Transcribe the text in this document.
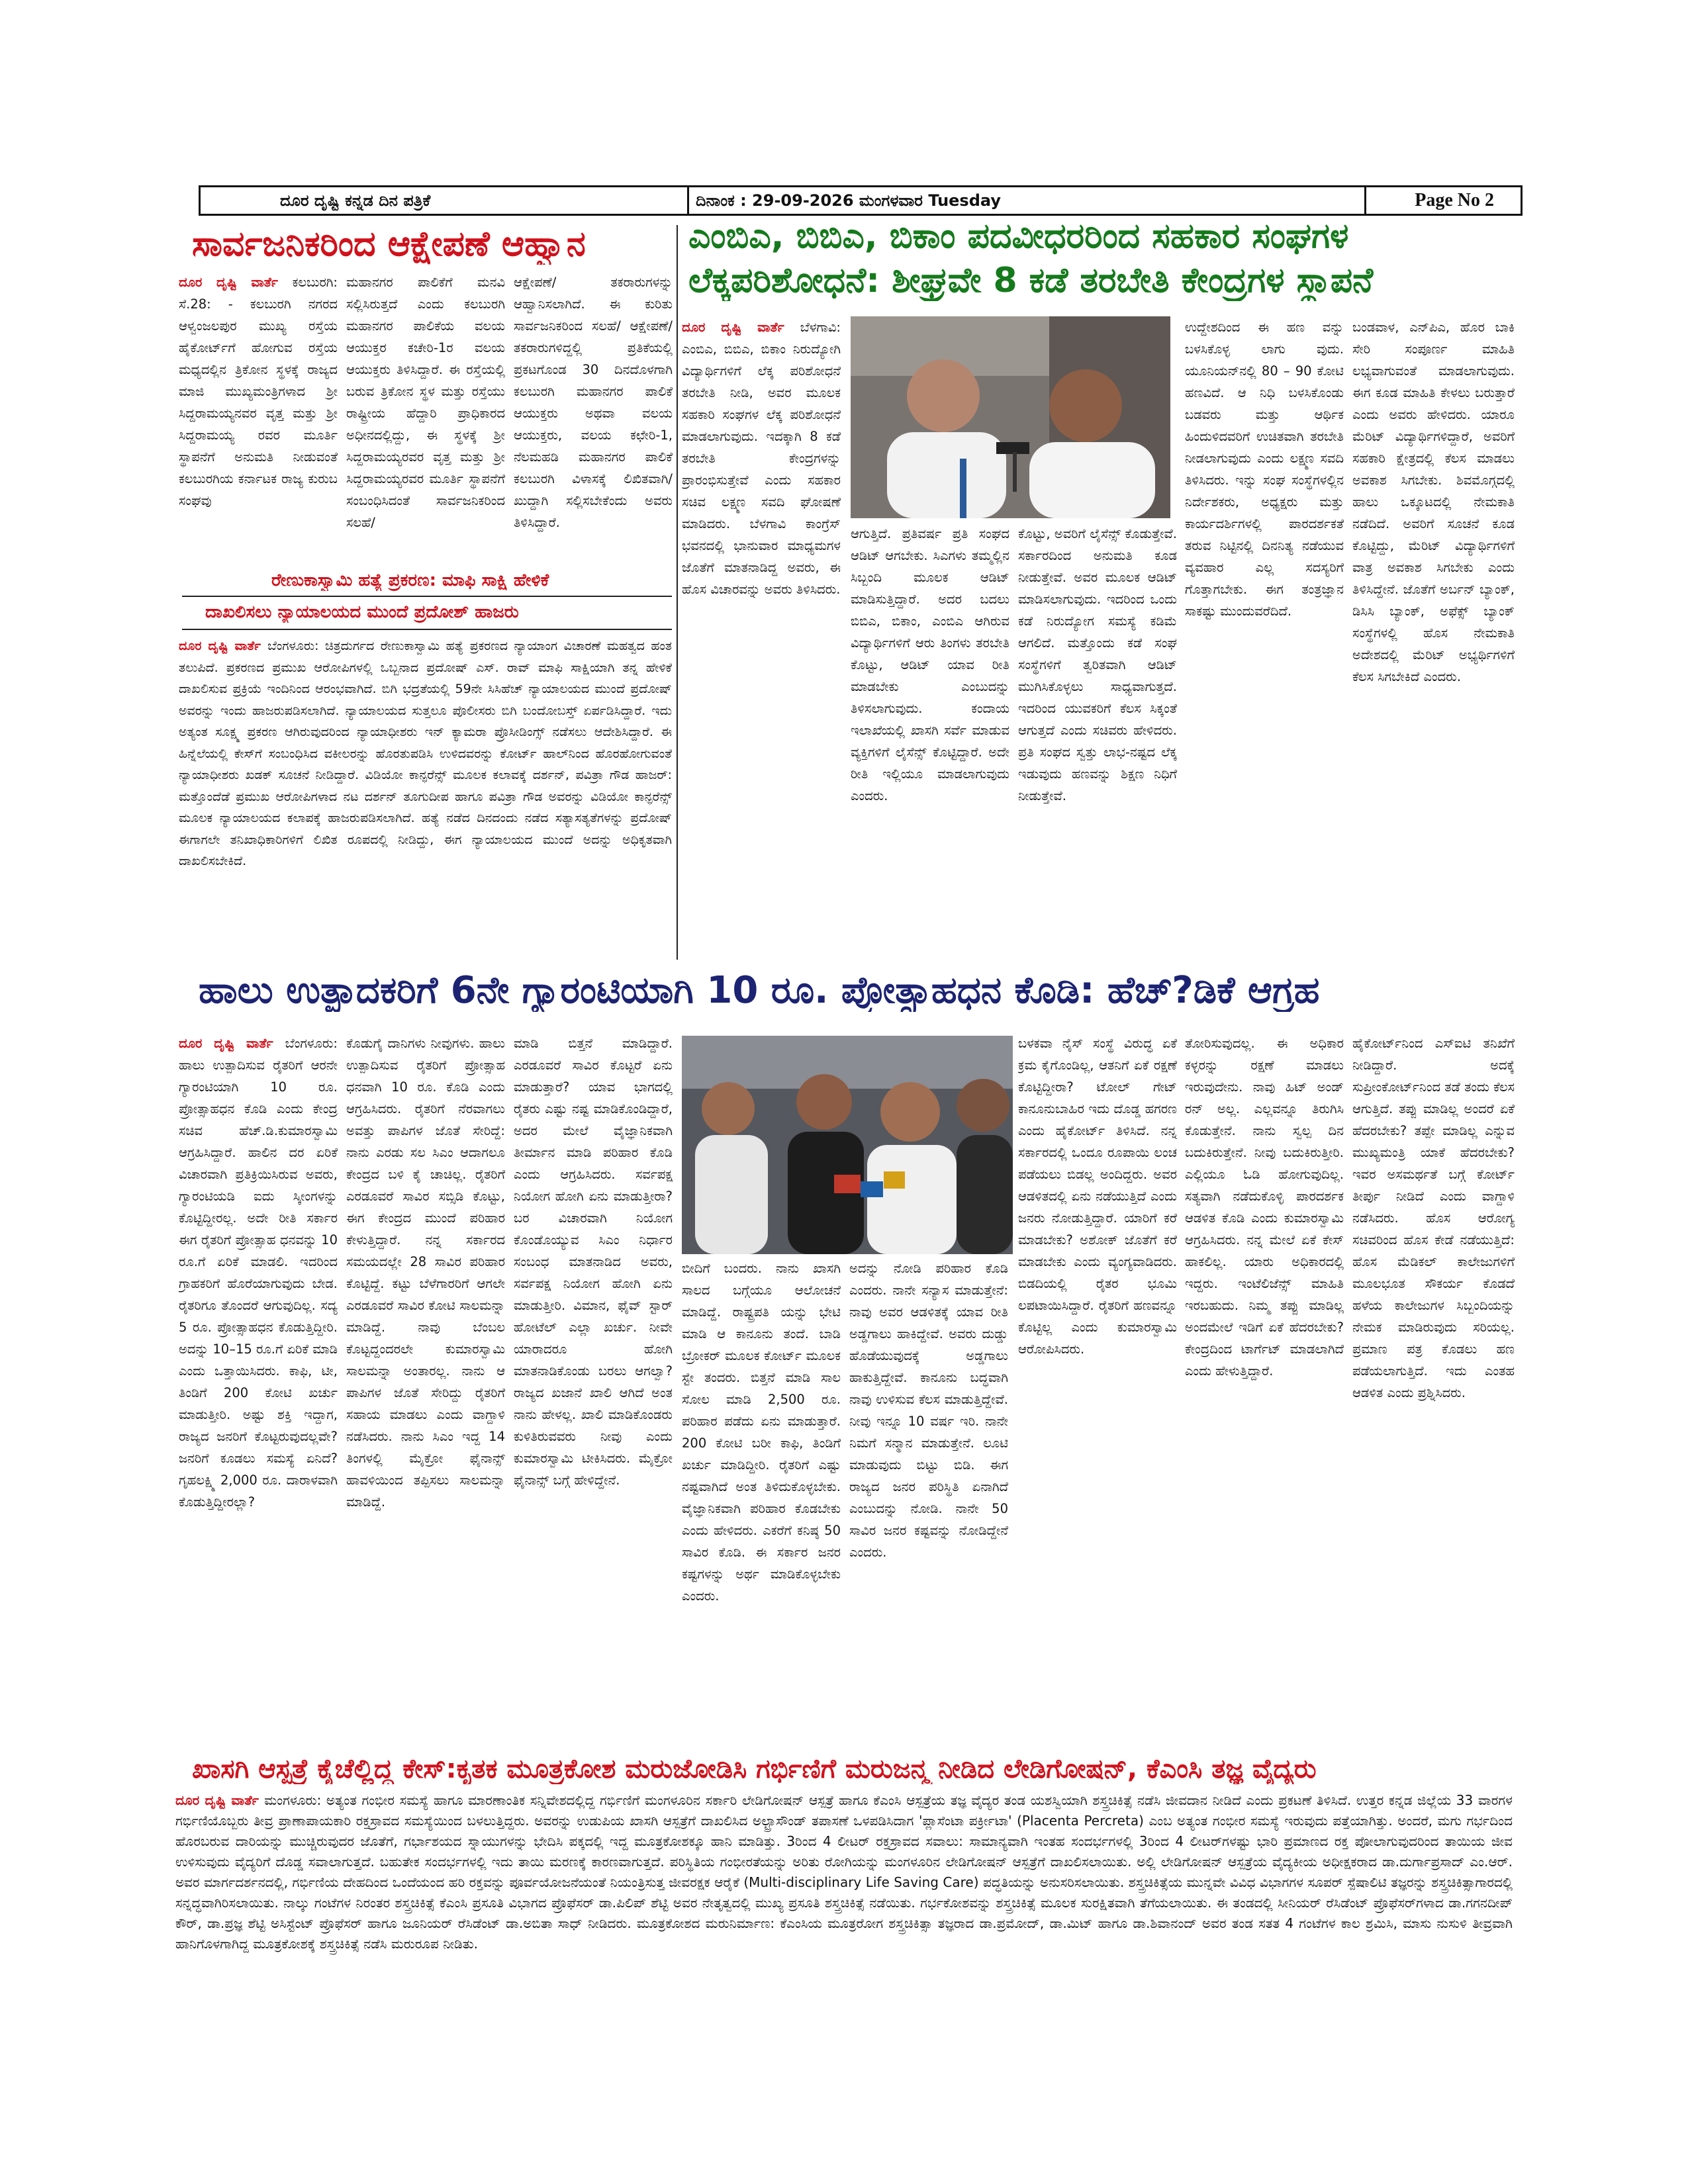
ದೂರ ದೃಷ್ಟಿ ಕನ್ನಡ ದಿನ ಪತ್ರಿಕೆ	ದಿನಾಂಕ : 29-09-2026 ಮಂಗಳವಾರ Tuesday	Page No 2
ಸಾರ್ವಜನಿಕರಿಂದ ಆಕ್ಷೇಪಣೆ ಆಹ್ವಾನ
ದೂರ ದೃಷ್ಟಿ ವಾರ್ತೆ ಕಲಬುರಗಿ: ಸೆ.28: - ಕಲಬುರಗಿ ನಗರದ ಆಳ್ವಂಜಲಪುರ ಮುಖ್ಯ ರಸ್ತೆಯ ಹೈಕೋರ್ಟ್‌ಗೆ ಹೋಗುವ ರಸ್ತೆಯ ಮಧ್ಯದಲ್ಲಿನ ತ್ರಿಕೋನ ಸ್ಥಳಕ್ಕೆ ರಾಜ್ಯದ ಮಾಜಿ ಮುಖ್ಯಮಂತ್ರಿಗಳಾದ ಶ್ರೀ ಸಿದ್ದರಾಮಯ್ಯನವರ ವೃತ್ತ ಮತ್ತು ಶ್ರೀ ಸಿದ್ದರಾಮಯ್ಯ ರವರ ಮೂರ್ತಿ ಸ್ಥಾಪನೆಗೆ ಅನುಮತಿ ನೀಡುವಂತೆ ಕಲಬುರಗಿಯ ಕರ್ನಾಟಕ ರಾಜ್ಯ ಕುರುಬ ಸಂಘವು
ಮಹಾನಗರ ಪಾಲಿಕೆಗೆ ಮನವಿ ಸಲ್ಲಿಸಿರುತ್ತದೆ ಎಂದು ಕಲಬುರಗಿ ಮಹಾನಗರ ಪಾಲಿಕೆಯ ವಲಯ ಆಯುಕ್ತರ ಕಚೇರಿ-1ರ ವಲಯ ಆಯುಕ್ತರು ತಿಳಿಸಿದ್ದಾರೆ. ಈ ರಸ್ತೆಯಲ್ಲಿ ಬರುವ ತ್ರಿಕೋನ ಸ್ಥಳ ಮತ್ತು ರಸ್ತೆಯು ರಾಷ್ಟ್ರೀಯ ಹೆದ್ದಾರಿ ಪ್ರಾಧಿಕಾರದ ಅಧೀನದಲ್ಲಿದ್ದು, ಈ ಸ್ಥಳಕ್ಕೆ ಶ್ರೀ ಸಿದ್ದರಾಮಯ್ಯರವರ ವೃತ್ತ ಮತ್ತು ಶ್ರೀ ಸಿದ್ದರಾಮಯ್ಯರವರ ಮೂರ್ತಿ ಸ್ಥಾಪನೆಗೆ ಸಂಬಂಧಿಸಿದಂತೆ ಸಾರ್ವಜನಿಕರಿಂದ ಸಲಹೆ/
ಆಕ್ಷೇಪಣೆ/ ತಕರಾರುಗಳನ್ನು ಆಹ್ವಾನಿಸಲಾಗಿದೆ. ಈ ಕುರಿತು ಸಾರ್ವಜನಿಕರಿಂದ ಸಲಹೆ/ ಆಕ್ಷೇಪಣೆ/ ತಕರಾರುಗಳಿದ್ದಲ್ಲಿ ಪ್ರತಿಕೆಯಲ್ಲಿ ಪ್ರಕಟಗೊಂಡ 30 ದಿನದೊಳಗಾಗಿ ಕಲಬುರಗಿ ಮಹಾನಗರ ಪಾಲಿಕೆ ಆಯುಕ್ತರು ಅಥವಾ ವಲಯ ಆಯುಕ್ತರು, ವಲಯ ಕಛೇರಿ-1, ನೆಲಮಹಡಿ ಮಹಾನಗರ ಪಾಲಿಕೆ ಕಲಬುರಗಿ ವಿಳಾಸಕ್ಕೆ ಲಿಖಿತವಾಗಿ/ಖುದ್ದಾಗಿ ಸಲ್ಲಿಸಬೇಕೆಂದು ಅವರು ತಿಳಿಸಿದ್ದಾರೆ.
ರೇಣುಕಾಸ್ವಾಮಿ ಹತ್ಯೆ ಪ್ರಕರಣ: ಮಾಫಿ ಸಾಕ್ಷಿ ಹೇಳಿಕೆ
ದಾಖಲಿಸಲು ನ್ಯಾಯಾಲಯದ ಮುಂದೆ ಪ್ರದೋಶ್ ಹಾಜರು
ದೂರ ದೃಷ್ಟಿ ವಾರ್ತೆ ಬೆಂಗಳೂರು: ಚಿತ್ರದುರ್ಗದ ರೇಣುಕಾಸ್ವಾಮಿ ಹತ್ಯೆ ಪ್ರಕರಣದ ನ್ಯಾಯಾಂಗ ವಿಚಾರಣೆ ಮಹತ್ವದ ಹಂತ ತಲುಪಿದೆ. ಪ್ರಕರಣದ ಪ್ರಮುಖ ಆರೋಪಿಗಳಲ್ಲಿ ಒಬ್ಬನಾದ ಪ್ರದೋಷ್ ಎಸ್. ರಾವ್ ಮಾಫಿ ಸಾಕ್ಷಿಯಾಗಿ ತನ್ನ ಹೇಳಿಕೆ ದಾಖಲಿಸುವ ಪ್ರಕ್ರಿಯೆ ಇಂದಿನಿಂದ ಆರಂಭವಾಗಿದೆ. ಬಿಗಿ ಭದ್ರತೆಯಲ್ಲಿ 59ನೇ ಸಿಸಿಹೆಚ್ ನ್ಯಾಯಾಲಯದ ಮುಂದೆ ಪ್ರದೋಷ್ ಅವರನ್ನು ಇಂದು ಹಾಜರುಪಡಿಸಲಾಗಿದೆ. ನ್ಯಾಯಾಲಯದ ಸುತ್ತಲೂ ಪೊಲೀಸರು ಬಿಗಿ ಬಂದೋಬಸ್ತ್ ಏರ್ಪಡಿಸಿದ್ದಾರೆ. ಇದು ಅತ್ಯಂತ ಸೂಕ್ಷ್ಮ ಪ್ರಕರಣ ಆಗಿರುವುದರಿಂದ ನ್ಯಾಯಾಧೀಶರು ಇನ್ ಕ್ಯಾಮರಾ ಪ್ರೊಸೀಡಿಂಗ್ಸ್ ನಡೆಸಲು ಆದೇಶಿಸಿದ್ದಾರೆ. ಈ ಹಿನ್ನೆಲೆಯಲ್ಲಿ ಕೇಸ್‌ಗೆ ಸಂಬಂಧಿಸಿದ ವಕೀಲರನ್ನು ಹೊರತುಪಡಿಸಿ ಉಳಿದವರನ್ನು ಕೋರ್ಟ್ ಹಾಲ್‌ನಿಂದ ಹೊರಹೋಗುವಂತೆ ನ್ಯಾಯಾಧೀಶರು ಖಡಕ್ ಸೂಚನೆ ನೀಡಿದ್ದಾರೆ. ವಿಡಿಯೋ ಕಾನ್ಫರೆನ್ಸ್ ಮೂಲಕ ಕಲಾವಕ್ಕೆ ದರ್ಶನ್, ಪವಿತ್ರಾ ಗೌಡ ಹಾಜರ್: ಮತ್ತೊಂದೆಡೆ ಪ್ರಮುಖ ಆರೋಪಿಗಳಾದ ನಟ ದರ್ಶನ್ ತೂಗುದೀಪ ಹಾಗೂ ಪವಿತ್ರಾ ಗೌಡ ಅವರನ್ನು ವಿಡಿಯೋ ಕಾನ್ಫರೆನ್ಸ್ ಮೂಲಕ ನ್ಯಾಯಾಲಯದ ಕಲಾಪಕ್ಕೆ ಹಾಜರುಪಡಿಸಲಾಗಿದೆ. ಹತ್ಯೆ ನಡೆದ ದಿನದಂದು ನಡೆದ ಸತ್ಯಾಸತ್ಯತೆಗಳನ್ನು ಪ್ರದೋಷ್ ಈಗಾಗಲೇ ತನಿಖಾಧಿಕಾರಿಗಳಿಗೆ ಲಿಖಿತ ರೂಪದಲ್ಲಿ ನೀಡಿದ್ದು, ಈಗ ನ್ಯಾಯಾಲಯದ ಮುಂದೆ ಅದನ್ನು ಅಧಿಕೃತವಾಗಿ ದಾಖಲಿಸಬೇಕಿದೆ.
ಎಂಬಿಎ, ಬಿಬಿಎ, ಬಿಕಾಂ ಪದವೀಧರರಿಂದ ಸಹಕಾರ ಸಂಘಗಳ
ಲೆಕ್ಕಪರಿಶೋಧನೆ: ಶೀಘ್ರವೇ 8 ಕಡೆ ತರಬೇತಿ ಕೇಂದ್ರಗಳ ಸ್ಥಾಪನೆ
ದೂರ ದೃಷ್ಟಿ ವಾರ್ತೆ ಬೆಳಗಾವಿ: ಎಂಬಿಎ, ಬಿಬಿಎ, ಬಿಕಾಂ ನಿರುದ್ಯೋಗಿ ವಿದ್ಯಾರ್ಥಿಗಳಿಗೆ ಲೆಕ್ಕ ಪರಿಶೋಧನೆ ತರಬೇತಿ ನೀಡಿ, ಅವರ ಮೂಲಕ ಸಹಕಾರಿ ಸಂಘಗಳ ಲೆಕ್ಕ ಪರಿಶೋಧನೆ ಮಾಡಲಾಗುವುದು. ಇದಕ್ಕಾಗಿ 8 ಕಡೆ ತರಬೇತಿ ಕೇಂದ್ರಗಳನ್ನು ಪ್ರಾರಂಭಿಸುತ್ತೇವೆ ಎಂದು ಸಹಕಾರ ಸಚಿವ ಲಕ್ಷ್ಮಣ ಸವದಿ ಘೋಷಣೆ ಮಾಡಿದರು. ಬೆಳಗಾವಿ ಕಾಂಗ್ರೆಸ್ ಭವನದಲ್ಲಿ ಭಾನುವಾರ ಮಾಧ್ಯಮಗಳ ಜೊತೆಗೆ ಮಾತನಾಡಿದ್ದ ಅವರು, ಈ ಹೊಸ ವಿಚಾರವನ್ನು ಅವರು ತಿಳಿಸಿದರು.
ಆಗುತ್ತಿದೆ. ಪ್ರತಿವರ್ಷ ಪ್ರತಿ ಸಂಘದ ಆಡಿಟ್ ಆಗಬೇಕು. ಸಿಎಗಳು ತಮ್ಮಲ್ಲಿನ ಸಿಬ್ಬಂದಿ ಮೂಲಕ ಆಡಿಟ್ ಮಾಡಿಸುತ್ತಿದ್ದಾರೆ. ಅದರ ಬದಲು ಬಿಬಿಎ, ಬಿಕಾಂ, ಎಂಬಿಎ ಆಗಿರುವ ವಿದ್ಯಾರ್ಥಿಗಳಿಗೆ ಆರು ತಿಂಗಳು ತರಬೇತಿ ಕೊಟ್ಟು, ಆಡಿಟ್ ಯಾವ ರೀತಿ ಮಾಡಬೇಕು ಎಂಬುದನ್ನು ತಿಳಿಸಲಾಗುವುದು. ಕಂದಾಯ ಇಲಾಖೆಯಲ್ಲಿ ಖಾಸಗಿ ಸರ್ವೆ ಮಾಡುವ ವ್ಯಕ್ತಿಗಳಿಗೆ ಲೈಸೆನ್ಸ್ ಕೊಟ್ಟಿದ್ದಾರೆ. ಅದೇ ರೀತಿ ಇಲ್ಲಿಯೂ ಮಾಡಲಾಗುವುದು ಎಂದರು.
ಕೊಟ್ಟು, ಅವರಿಗೆ ಲೈಸೆನ್ಸ್ ಕೊಡುತ್ತೇವೆ. ಸರ್ಕಾರದಿಂದ ಅನುಮತಿ ಕೂಡ ನೀಡುತ್ತೇವೆ. ಅವರ ಮೂಲಕ ಆಡಿಟ್ ಮಾಡಿಸಲಾಗುವುದು. ಇದರಿಂದ ಒಂದು ಕಡೆ ನಿರುದ್ಯೋಗ ಸಮಸ್ಯೆ ಕಡಿಮೆ ಆಗಲಿದೆ. ಮತ್ತೊಂದು ಕಡೆ ಸಂಘ ಸಂಸ್ಥೆಗಳಿಗೆ ತ್ವರಿತವಾಗಿ ಆಡಿಟ್ ಮುಗಿಸಿಕೊಳ್ಳಲು ಸಾಧ್ಯವಾಗುತ್ತದೆ. ಇದರಿಂದ ಯುವಕರಿಗೆ ಕೆಲಸ ಸಿಕ್ಕಂತೆ ಆಗುತ್ತದೆ ಎಂದು ಸಚಿವರು ಹೇಳಿದರು. ಪ್ರತಿ ಸಂಘದ ಸ್ವತ್ತು ಲಾಭ-ನಷ್ಟದ ಲೆಕ್ಕ ಇಡುವುದು ಹಣವನ್ನು ಶಿಕ್ಷಣ ನಿಧಿಗೆ ನೀಡುತ್ತೇವೆ.
ಉದ್ದೇಶದಿಂದ ಈ ಹಣ ವನ್ನು ಬಳಸಿಕೊಳ್ಳ ಲಾಗು ವುದು. ಯೂನಿಯನ್‌ನಲ್ಲಿ 80 – 90 ಕೋಟಿ ಹಣವಿದೆ. ಆ ನಿಧಿ ಬಳಸಿಕೊಂಡು ಬಡವರು ಮತ್ತು ಆರ್ಥಿಕ ಹಿಂದುಳಿದವರಿಗೆ ಉಚಿತವಾಗಿ ತರಬೇತಿ ನೀಡಲಾಗುವುದು ಎಂದು ಲಕ್ಷ್ಮಣ ಸವದಿ ತಿಳಿಸಿದರು. ಇನ್ನು ಸಂಘ ಸಂಸ್ಥೆಗಳಲ್ಲಿನ ನಿರ್ದೇಶಕರು, ಅಧ್ಯಕ್ಷರು ಮತ್ತು ಕಾರ್ಯದರ್ಶಿಗಳಲ್ಲಿ ಪಾರದರ್ಶಕತೆ ತರುವ ನಿಟ್ಟಿನಲ್ಲಿ ದಿನನಿತ್ಯ ನಡೆಯುವ ವ್ಯವಹಾರ ಎಲ್ಲ ಸದಸ್ಯರಿಗೆ ಗೊತ್ತಾಗಬೇಕು. ಈಗ ತಂತ್ರಜ್ಞಾನ ಸಾಕಷ್ಟು ಮುಂದುವರೆದಿದೆ.
ಬಂಡವಾಳ, ಎನ್‌ಪಿಎ, ಹೊರ ಬಾಕಿ ಸೇರಿ ಸಂಪೂರ್ಣ ಮಾಹಿತಿ ಲಭ್ಯವಾಗುವಂತೆ ಮಾಡಲಾಗುವುದು. ಈಗ ಕೂಡ ಮಾಹಿತಿ ಕೇಳಲು ಬರುತ್ತಾರೆ ಎಂದು ಅವರು ಹೇಳಿದರು. ಯಾರೂ ಮೆರಿಟ್ ವಿದ್ಯಾರ್ಥಿಗಳಿದ್ದಾರೆ, ಅವರಿಗೆ ಸಹಕಾರಿ ಕ್ಷೇತ್ರದಲ್ಲಿ ಕೆಲಸ ಮಾಡಲು ಅವಕಾಶ ಸಿಗಬೇಕು. ಶಿವಮೊಗ್ಗದಲ್ಲಿ ಹಾಲು ಒಕ್ಕೂಟದಲ್ಲಿ ನೇಮಕಾತಿ ನಡೆದಿದೆ. ಅವರಿಗೆ ಸೂಚನೆ ಕೂಡ ಕೊಟ್ಟಿದ್ದು, ಮೆರಿಟ್ ವಿದ್ಯಾರ್ಥಿಗಳಿಗೆ ವಾತ್ರ ಅವಕಾಶ ಸಿಗಬೇಕು ಎಂದು ತಿಳಿಸಿದ್ದೇನೆ. ಜೊತೆಗೆ ಅರ್ಬನ್ ಬ್ಯಾಂಕ್, ಡಿಸಿಸಿ ಬ್ಯಾಂಕ್, ಅಫೆಕ್ಸ್ ಬ್ಯಾಂಕ್ ಸಂಸ್ಥೆಗಳಲ್ಲಿ ಹೊಸ ನೇಮಕಾತಿ ಅದೇಶದಲ್ಲಿ ಮೆರಿಟ್ ಅಭ್ಯರ್ಥಿಗಳಿಗೆ ಕೆಲಸ ಸಿಗಬೇಕಿದೆ ಎಂದರು.
ಹಾಲು ಉತ್ಪಾದಕರಿಗೆ 6ನೇ ಗ್ಯಾರಂಟಿಯಾಗಿ 10 ರೂ. ಪ್ರೋತ್ಸಾಹಧನ ಕೊಡಿ: ಹೆಚ್‍?ಡಿಕೆ ಆಗ್ರಹ
ದೂರ ದೃಷ್ಟಿ ವಾರ್ತೆ ಬೆಂಗಳೂರು: ಹಾಲು ಉತ್ಪಾದಿಸುವ ರೈತರಿಗೆ ಆರನೇ ಗ್ಯಾರಂಟಿಯಾಗಿ 10 ರೂ. ಪ್ರೋತ್ಸಾಹಧನ ಕೊಡಿ ಎಂದು ಕೇಂದ್ರ ಸಚಿವ ಹೆಚ್.ಡಿ.ಕುಮಾರಸ್ವಾಮಿ ಆಗ್ರಹಿಸಿದ್ದಾರೆ. ಹಾಲಿನ ದರ ಏರಿಕೆ ವಿಚಾರವಾಗಿ ಪ್ರತಿಕ್ರಿಯಿಸಿರುವ ಅವರು, ಗ್ಯಾರಂಟಿಯಡಿ ಐದು ಸ್ಕೀಂಗಳನ್ನು ಕೊಟ್ಟಿದ್ದೀರಲ್ಲ. ಅದೇ ರೀತಿ ಸರ್ಕಾರ ಈಗ ರೈತರಿಗೆ ಪ್ರೋತ್ಸಾಹ ಧನವನ್ನು 10 ರೂ.ಗೆ ಏರಿಕೆ ಮಾಡಲಿ. ಇದರಿಂದ ಗ್ರಾಹಕರಿಗೆ ಹೊರೆಯಾಗುವುದು ಬೇಡ. ರೈತರಿಗೂ ತೊಂದರೆ ಆಗುವುದಿಲ್ಲ. ಸದ್ಯ 5 ರೂ. ಪ್ರೋತ್ಸಾಹಧನ ಕೊಡುತ್ತಿದ್ದೀರಿ. ಅದನ್ನು 10–15 ರೂ.ಗೆ ಏರಿಕೆ ಮಾಡಿ ಎಂದು ಒತ್ತಾಯಿಸಿದರು. ಕಾಫಿ, ಟೀ, ತಿಂಡಿಗೆ 200 ಕೋಟಿ ಖರ್ಚು ಮಾಡುತ್ತೀರಿ. ಅಷ್ಟು ಶಕ್ತಿ ಇದ್ದಾಗ, ರಾಜ್ಯದ ಜನರಿಗೆ ಕೊಟ್ಟರುವುದಲ್ಲವೇ? ಜನರಿಗೆ ಕೂಡಲು ಸಮಸ್ಯೆ ಏನಿದೆ? ಗೃಹಲಕ್ಷ್ಮಿ 2,000 ರೂ. ದಾರಾಳವಾಗಿ ಕೊಡುತ್ತಿದ್ದೀರಲ್ಲಾ?
ಕೊಡುಗೈ ದಾನಿಗಳು ನೀವುಗಳು. ಹಾಲು ಉತ್ಪಾದಿಸುವ ರೈತರಿಗೆ ಪ್ರೋತ್ಸಾಹ ಧನವಾಗಿ 10 ರೂ. ಕೊಡಿ ಎಂದು ಆಗ್ರಹಿಸಿದರು. ರೈತರಿಗೆ ನೆರವಾಗಲು ಅವತ್ತು ಪಾಪಿಗಳ ಜೊತೆ ಸೇರಿದ್ದೆ: ನಾನು ಎರಡು ಸಲ ಸಿಎಂ ಆದಾಗಲೂ ಕೇಂದ್ರದ ಬಳಿ ಕೈ ಚಾಚಿಲ್ಲ. ರೈತರಿಗೆ ಎರಡೂವರೆ ಸಾವಿರ ಸಬ್ಸಿಡಿ ಕೊಟ್ಟು, ಈಗ ಕೇಂದ್ರದ ಮುಂದೆ ಪರಿಹಾರ ಕೇಳುತ್ತಿದ್ದಾರೆ. ನನ್ನ ಸರ್ಕಾರದ ಸಮಯದಲ್ಲೇ 28 ಸಾವಿರ ಪರಿಹಾರ ಕೊಟ್ಟಿದ್ದೆ. ಕಟ್ಟು ಬೆಳೆಗಾರರಿಗೆ ಆಗಲೇ ಎರಡೂವರೆ ಸಾವಿರ ಕೋಟಿ ಸಾಲಮನ್ನಾ ಮಾಡಿದ್ದೆ. ನಾವು ಬೆಂಬಲ ಕೊಟ್ಟದ್ದಂದರಲೇ ಕುಮಾರಸ್ವಾಮಿ ಸಾಲಮನ್ನಾ ಅಂತಾರಲ್ಲ. ನಾನು ಆ ಪಾಪಿಗಳ ಜೊತೆ ಸೇರಿದ್ದು ರೈತರಿಗೆ ಸಹಾಯ ಮಾಡಲು ಎಂದು ವಾಗ್ದಾಳಿ ನಡೆಸಿದರು. ನಾನು ಸಿಎಂ ಇದ್ದ 14 ತಿಂಗಳಲ್ಲಿ ಮೈಕ್ರೋ ಫೈನಾನ್ಸ್ ಹಾವಳಿಯಿಂದ ತಪ್ಪಿಸಲು ಸಾಲಮನ್ನಾ ಮಾಡಿದ್ದೆ.
ಮಾಡಿ ಬಿತ್ತನೆ ಮಾಡಿದ್ದಾರೆ. ಎರಡೂವರೆ ಸಾವಿರ ಕೊಟ್ಟರೆ ಏನು ಮಾಡುತ್ತಾರೆ? ಯಾವ ಭಾಗದಲ್ಲಿ ರೈತರು ಎಷ್ಟು ನಷ್ಟ ಮಾಡಿಕೊಂಡಿದ್ದಾರೆ, ಅದರ ಮೇಲೆ ವೈಜ್ಞಾನಿಕವಾಗಿ ತೀರ್ಮಾನ ಮಾಡಿ ಪರಿಹಾರ ಕೊಡಿ ಎಂದು ಆಗ್ರಹಿಸಿದರು. ಸರ್ವಪಕ್ಷ ನಿಯೋಗ ಹೋಗಿ ಏನು ಮಾಡುತ್ತೀರಾ? ಬರ ವಿಚಾರವಾಗಿ ನಿಯೋಗ ಕೊಂಡೊಯ್ಯುವ ಸಿಎಂ ನಿರ್ಧಾರ ಸಂಬಂಧ ಮಾತನಾಡಿದ ಅವರು, ಸರ್ವಪಕ್ಷ ನಿಯೋಗ ಹೋಗಿ ಏನು ಮಾಡುತ್ತೀರಿ. ವಿಮಾನ, ಫೈವ್ ಸ್ಟಾರ್ ಹೋಟೆಲ್ ಎಲ್ಲಾ ಖರ್ಚು. ನೀವೇ ಯಾರಾದರೂ ಹೋಗಿ ಮಾತನಾಡಿಕೊಂಡು ಬರಲು ಆಗಲ್ವಾ? ರಾಜ್ಯದ ಖಜಾನೆ ಖಾಲಿ ಆಗಿದೆ ಅಂತ ನಾನು ಹೇಳಲ್ಲ. ಖಾಲಿ ಮಾಡಿಕೊಂಡರು ಕುಳಿತಿರುವವರು ನೀವು ಎಂದು ಕುಮಾರಸ್ವಾಮಿ ಟೀಕಿಸಿದರು. ಮೈಕ್ರೋ ಫೈನಾನ್ಸ್ ಬಗ್ಗೆ ಹೇಳಿದ್ದೇನೆ.
ಬೀದಿಗೆ ಬಂದರು. ನಾನು ಖಾಸಗಿ ಸಾಲದ ಬಗ್ಗೆಯೂ ಆಲೋಚನೆ ಮಾಡಿದ್ದೆ. ರಾಷ್ಟ್ರಪತಿ ಯನ್ನು ಭೇಟಿ ಮಾಡಿ ಆ ಕಾನೂನು ತಂದೆ. ಬಾಡಿ ಬ್ರೋಕರ್ ಮೂಲಕ ಕೋರ್ಟ್ ಮೂಲಕ ಸ್ಟೇ ತಂದರು. ಬಿತ್ತನೆ ಮಾಡಿ ಸಾಲ ಸೋಲ ಮಾಡಿ 2,500 ರೂ. ಪರಿಹಾರ ಪಡೆದು ಏನು ಮಾಡುತ್ತಾರೆ. 200 ಕೋಟಿ ಬರೀ ಕಾಫಿ, ತಿಂಡಿಗೆ ಖರ್ಚು ಮಾಡಿದ್ದೀರಿ. ರೈತರಿಗೆ ಎಷ್ಟು ನಷ್ಟವಾಗಿದೆ ಅಂತ ತಿಳಿದುಕೊಳ್ಳಬೇಕು. ವೈಜ್ಞಾನಿಕವಾಗಿ ಪರಿಹಾರ ಕೊಡಬೇಕು ಎಂದು ಹೇಳಿದರು. ಎಕರೆಗೆ ಕನಿಷ್ಠ 50 ಸಾವಿರ ಕೊಡಿ. ಈ ಸರ್ಕಾರ ಜನರ ಕಷ್ಟಗಳನ್ನು ಅರ್ಥ ಮಾಡಿಕೊಳ್ಳಬೇಕು ಎಂದರು.
ಅದನ್ನು ನೋಡಿ ಪರಿಹಾರ ಕೊಡಿ ಎಂದರು. ನಾನೇ ಸನ್ಯಾಸ ಮಾಡುತ್ತೇನೆ: ನಾವು ಅವರ ಆಡಳಿತಕ್ಕೆ ಯಾವ ರೀತಿ ಅಡ್ಡಗಾಲು ಹಾಕಿದ್ದೇವೆ. ಅವರು ದುಡ್ಡು ಹೊಡೆಯುವುದಕ್ಕೆ ಅಡ್ಡಗಾಲು ಹಾಕುತ್ತಿದ್ದೇವೆ. ಕಾನೂನು ಬದ್ಧವಾಗಿ ನಾವು ಉಳಿಸುವ ಕೆಲಸ ಮಾಡುತ್ತಿದ್ದೇವೆ. ನೀವು ಇನ್ನೂ 10 ವರ್ಷ ಇರಿ. ನಾನೇ ನಿಮಗೆ ಸನ್ಮಾನ ಮಾಡುತ್ತೇನೆ. ಲೂಟಿ ಮಾಡುವುದು ಬಿಟ್ಟು ಬಿಡಿ. ಈಗ ರಾಜ್ಯದ ಜನರ ಪರಿಸ್ಥಿತಿ ಏನಾಗಿದೆ ಎಂಬುದನ್ನು ನೋಡಿ. ನಾನೇ 50 ಸಾವಿರ ಜನರ ಕಷ್ಟವನ್ನು ನೋಡಿದ್ದೇನೆ ಎಂದರು.
ಬಳಕವಾ ನೈಸ್ ಸಂಸ್ಥೆ ವಿರುದ್ಧ ಏಕೆ ಕ್ರಮ ಕೈಗೊಂಡಿಲ್ಲ, ಆತನಿಗೆ ಏಕೆ ರಕ್ಷಣೆ ಕೊಟ್ಟಿದ್ದೀರಾ? ಟೋಲ್ ಗೇಟ್ ಕಾನೂನುಬಾಹಿರ ಇದು ದೊಡ್ಡ ಹಗರಣ ಎಂದು ಹೈಕೋರ್ಟ್ ತಿಳಿಸಿದೆ. ನನ್ನ ಸರ್ಕಾರದಲ್ಲಿ ಒಂದೂ ರೂಪಾಯಿ ಲಂಚ ಪಡೆಯಲು ಬಿಡಲ್ಲ ಅಂದಿದ್ದರು. ಅವರ ಆಡಳಿತದಲ್ಲಿ ಏನು ನಡೆಯುತ್ತಿದೆ ಎಂದು ಜನರು ನೋಡುತ್ತಿದ್ದಾರೆ. ಯಾರಿಗೆ ಕರೆ ಮಾಡಬೇಕು? ಅಶೋಕ್ ಜೊತೆಗೆ ಕರೆ ಮಾಡಬೇಕು ಎಂದು ವ್ಯಂಗ್ಯವಾಡಿದರು. ಬಿಡದಿಯಲ್ಲಿ ರೈತರ ಭೂಮಿ ಲಪಟಾಯಿಸಿದ್ದಾರೆ. ರೈತರಿಗೆ ಹಣವನ್ನೂ ಕೊಟ್ಟಿಲ್ಲ ಎಂದು ಕುಮಾರಸ್ವಾಮಿ ಆರೋಪಿಸಿದರು.
ತೋರಿಸುವುದಲ್ಲ. ಈ ಅಧಿಕಾರ ಕಳ್ಳರನ್ನು ರಕ್ಷಣೆ ಮಾಡಲು ಇರುವುದೇನು. ನಾವು ಹಿಟ್ ಅಂಡ್ ರನ್ ಅಲ್ಲ. ಎಲ್ಲವನ್ನೂ ತಿರುಗಿಸಿ ಕೊಡುತ್ತೇನೆ. ನಾನು ಸ್ವಲ್ಪ ದಿನ ಬದುಕಿರುತ್ತೇನೆ. ನೀವು ಬದುಕಿರುತ್ತೀರಿ. ಎಲ್ಲಿಯೂ ಓಡಿ ಹೋಗುವುದಿಲ್ಲ. ಸತ್ಯವಾಗಿ ನಡೆದುಕೊಳ್ಳಿ ಪಾರದರ್ಶಕ ಆಡಳಿತ ಕೊಡಿ ಎಂದು ಕುಮಾರಸ್ವಾಮಿ ಆಗ್ರಹಿಸಿದರು. ನನ್ನ ಮೇಲೆ ಏಕೆ ಕೇಸ್ ಹಾಕಲಿಲ್ಲ. ಯಾರು ಅಧಿಕಾರದಲ್ಲಿ ಇದ್ದರು. ಇಂಟೆಲಿಜೆನ್ಸ್ ಮಾಹಿತಿ ಇರಬಹುದು. ನಿಮ್ಮ ತಪ್ಪು ಮಾಡಿಲ್ಲ ಅಂದಮೇಲೆ ಇಡಿಗೆ ಏಕೆ ಹೆದರಬೇಕು? ಕೇಂದ್ರದಿಂದ ಟಾರ್ಗೆಟ್ ಮಾಡಲಾಗಿದೆ ಎಂದು ಹೇಳುತ್ತಿದ್ದಾರೆ.
ಹೈಕೋರ್ಟ್‌ನಿಂದ ಎಸ್‌ಐಟಿ ತನಿಖೆಗೆ ನೀಡಿದ್ದಾರೆ. ಅದಕ್ಕೆ ಸುಪ್ರೀಂಕೋರ್ಟ್‌ನಿಂದ ತಡೆ ತಂದು ಕೆಲಸ ಆಗುತ್ತಿದೆ. ತಪ್ಪು ಮಾಡಿಲ್ಲ ಅಂದರೆ ಏಕೆ ಹೆದರಬೇಕು? ತಪ್ಪೇ ಮಾಡಿಲ್ಲ ಎನ್ನುವ ಮುಖ್ಯಮಂತ್ರಿ ಯಾಕೆ ಹೆದರಬೇಕು? ಇವರ ಅಸಮರ್ಥತೆ ಬಗ್ಗೆ ಕೋರ್ಟ್ ತೀರ್ಪು ನೀಡಿದೆ ಎಂದು ವಾಗ್ದಾಳಿ ನಡೆಸಿದರು. ಹೊಸ ಆರೋಗ್ಯ ಸಚಿವರಿಂದ ಹೊಸ ಕೇಡೆ ನಡೆಯುತ್ತಿದೆ: ಹೊಸ ಮೆಡಿಕಲ್ ಕಾಲೇಜುಗಳಿಗೆ ಮೂಲಭೂತ ಸೌಕರ್ಯ ಕೊಡದೆ ಹಳೆಯ ಕಾಲೇಜುಗಳ ಸಿಬ್ಬಂದಿಯನ್ನು ನೇಮಕ ಮಾಡಿರುವುದು ಸರಿಯಲ್ಲ. ಪ್ರಮಾಣ ಪತ್ರ ಕೊಡಲು ಹಣ ಪಡೆಯಲಾಗುತ್ತಿದೆ. ಇದು ಎಂತಹ ಆಡಳಿತ ಎಂದು ಪ್ರಶ್ನಿಸಿದರು.
ಖಾಸಗಿ ಆಸ್ಪತ್ರೆ ಕೈಚೆಲ್ಲಿದ್ದ ಕೇಸ್:ಕೃತಕ ಮೂತ್ರಕೋಶ ಮರುಜೋಡಿಸಿ ಗರ್ಭಿಣಿಗೆ ಮರುಜನ್ಮ ನೀಡಿದ ಲೇಡಿಗೋಷನ್, ಕೆಎಂಸಿ ತಜ್ಞ ವೈದ್ಯರು
ದೂರ ದೃಷ್ಟಿ ವಾರ್ತೆ ಮಂಗಳೂರು: ಅತ್ಯಂತ ಗಂಭೀರ ಸಮಸ್ಯೆ ಹಾಗೂ ಮಾರಣಾಂತಿಕ ಸನ್ನಿವೇಶದಲ್ಲಿದ್ದ ಗರ್ಭಿಣಿಗೆ ಮಂಗಳೂರಿನ ಸರ್ಕಾರಿ ಲೇಡಿಗೋಷನ್ ಆಸ್ಪತ್ರೆ ಹಾಗೂ ಕೆಎಂಸಿ ಆಸ್ಪತ್ರೆಯ ತಜ್ಞ ವೈದ್ಯರ ತಂಡ ಯಶಸ್ವಿಯಾಗಿ ಶಸ್ತ್ರಚಿಕಿತ್ಸೆ ನಡೆಸಿ ಜೀವದಾನ ನೀಡಿದೆ ಎಂದು ಪ್ರಕಟಣೆ ತಿಳಿಸಿದೆ. ಉತ್ತರ ಕನ್ನಡ ಜಿಲ್ಲೆಯ 33 ವಾರಗಳ ಗರ್ಭಿಣಿಯೊಬ್ಬರು ತೀವ್ರ ಪ್ರಾಣಾಪಾಯಕಾರಿ ರಕ್ತಸ್ರಾವದ ಸಮಸ್ಯೆಯಿಂದ ಬಳಲುತ್ತಿದ್ದರು. ಅವರನ್ನು ಉಡುಪಿಯ ಖಾಸಗಿ ಆಸ್ಪತ್ರೆಗೆ ದಾಖಲಿಸಿದ ಅಲ್ಟ್ರಾಸೌಂಡ್ ತಪಾಸಣೆ ಒಳಪಡಿಸಿದಾಗ 'ಪ್ಲಾಸೆಂಟಾ ಪರ್ಕ್ರೀಟಾ' (Placenta Percreta) ಎಂಬ ಅತ್ಯಂತ ಗಂಭೀರ ಸಮಸ್ಯೆ ಇರುವುದು ಪತ್ತೆಯಾಗಿತ್ತು. ಅಂದರೆ, ಮಗು ಗರ್ಭದಿಂದ ಹೊರಬರುವ ದಾರಿಯನ್ನು ಮುಚ್ಚಿರುವುದರ ಜೊತೆಗೆ, ಗರ್ಭಾಶಯದ ಸ್ನಾಯುಗಳನ್ನು ಭೇದಿಸಿ ಪಕ್ಕದಲ್ಲಿ ಇದ್ದ ಮೂತ್ರಕೋಶಕ್ಕೂ ಹಾನಿ ಮಾಡಿತ್ತು. 3ರಿಂದ 4 ಲೀಟರ್ ರಕ್ತಸ್ರಾವದ ಸವಾಲು: ಸಾಮಾನ್ಯವಾಗಿ ಇಂತಹ ಸಂದರ್ಭಗಳಲ್ಲಿ 3ರಿಂದ 4 ಲೀಟರ್‌ಗಳಷ್ಟು ಭಾರಿ ಪ್ರಮಾಣದ ರಕ್ತ ಪೋಲಾಗುವುದರಿಂದ ತಾಯಿಯ ಜೀವ ಉಳಿಸುವುದು ವೈದ್ಯರಿಗೆ ದೊಡ್ಡ ಸವಾಲಾಗುತ್ತದೆ. ಬಹುತೇಕ ಸಂದರ್ಭಗಳಲ್ಲಿ ಇದು ತಾಯಿ ಮರಣಕ್ಕೆ ಕಾರಣವಾಗುತ್ತದೆ. ಪರಿಸ್ಥಿತಿಯ ಗಂಭೀರತೆಯನ್ನು ಅರಿತು ರೋಗಿಯನ್ನು ಮಂಗಳೂರಿನ ಲೇಡಿಗೋಷನ್ ಆಸ್ಪತ್ರೆಗೆ ದಾಖಲಿಸಲಾಯಿತು. ಅಲ್ಲಿ ಲೇಡಿಗೋಷನ್ ಆಸ್ಪತ್ರೆಯ ವೈದ್ಯಕೀಯ ಅಧೀಕ್ಷಕರಾದ ಡಾ.ದುರ್ಗಾಪ್ರಸಾದ್ ಎಂ.ಆರ್. ಅವರ ಮಾರ್ಗದರ್ಶನದಲ್ಲಿ, ಗರ್ಭಿಣಿಯ ದೇಹದಿಂದ ಒಂದೆಯಂದ ಹರಿ ರಕ್ತವನ್ನು ಪೂರ್ವಯೋಜನೆಯಂತೆ ನಿಯಂತ್ರಿಸುತ್ತ ಜೀವರಕ್ಷಕ ಆರೈಕೆ (Multi-disciplinary Life Saving Care) ಪದ್ಧತಿಯನ್ನು ಅನುಸರಿಸಲಾಯಿತು. ಶಸ್ತ್ರಚಿಕಿತ್ಸೆಯ ಮುನ್ನವೇ ವಿವಿಧ ವಿಭಾಗಗಳ ಸೂಪರ್ ಸ್ಪೆಷಾಲಿಟಿ ತಜ್ಞರನ್ನು ಶಸ್ತ್ರಚಿಕಿತ್ಸಾಗಾರದಲ್ಲಿ ಸನ್ನದ್ಧವಾಗಿರಿಸಲಾಯಿತು. ನಾಲ್ಕು ಗಂಟೆಗಳ ನಿರಂತರ ಶಸ್ತ್ರಚಿಕಿತ್ಸೆ ಕೆಎಂಸಿ ಪ್ರಸೂತಿ ವಿಭಾಗದ ಪ್ರೊಫೆಸರ್ ಡಾ.ಪಿಲಿಪ್ ಶೆಟ್ಟಿ ಅವರ ನೇತೃತ್ವದಲ್ಲಿ ಮುಖ್ಯ ಪ್ರಸೂತಿ ಶಸ್ತ್ರಚಿಕಿತ್ಸೆ ನಡೆಯಿತು. ಗರ್ಭಕೋಶವನ್ನು ಶಸ್ತ್ರಚಿಕಿತ್ಸೆ ಮೂಲಕ ಸುರಕ್ಷಿತವಾಗಿ ತೆಗೆಯಲಾಯಿತು. ಈ ತಂಡದಲ್ಲಿ ಸೀನಿಯರ್ ರೆಸಿಡೆಂಟ್ ಪ್ರೊಫೆಸರ್‌ಗಳಾದ ಡಾ.ಗಗನದೀಪ್ ಕೌರ್, ಡಾ.ಪ್ರಜ್ಞ ಶೆಟ್ಟಿ ಅಸಿಸ್ಟೆಂಟ್ ಪ್ರೊಫೆಸರ್ ಹಾಗೂ ಜೂನಿಯರ್ ರೆಸಿಡೆಂಟ್ ಡಾ.ಅಬಿತಾ ಸಾಧ್ ನೀಡಿದರು. ಮೂತ್ರಕೋಶದ ಮರುನಿರ್ಮಾಣ: ಕೆಎಂಸಿಯ ಮೂತ್ರರೋಗ ಶಸ್ತ್ರಚಿಕಿತ್ಸಾ ತಜ್ಞರಾದ ಡಾ.ಪ್ರಮೋದ್, ಡಾ.ಮಿಟ್ ಹಾಗೂ ಡಾ.ಶಿವಾನಂದ್ ಅವರ ತಂಡ ಸತತ 4 ಗಂಟೆಗಳ ಕಾಲ ಶ್ರಮಿಸಿ, ಮಾಸು ನುಸುಳಿ ತೀವ್ರವಾಗಿ ಹಾನಿಗೊಳಗಾಗಿದ್ದ ಮೂತ್ರಕೋಶಕ್ಕೆ ಶಸ್ತ್ರಚಿಕಿತ್ಸೆ ನಡೆಸಿ ಮರುರೂಪ ನೀಡಿತು.
